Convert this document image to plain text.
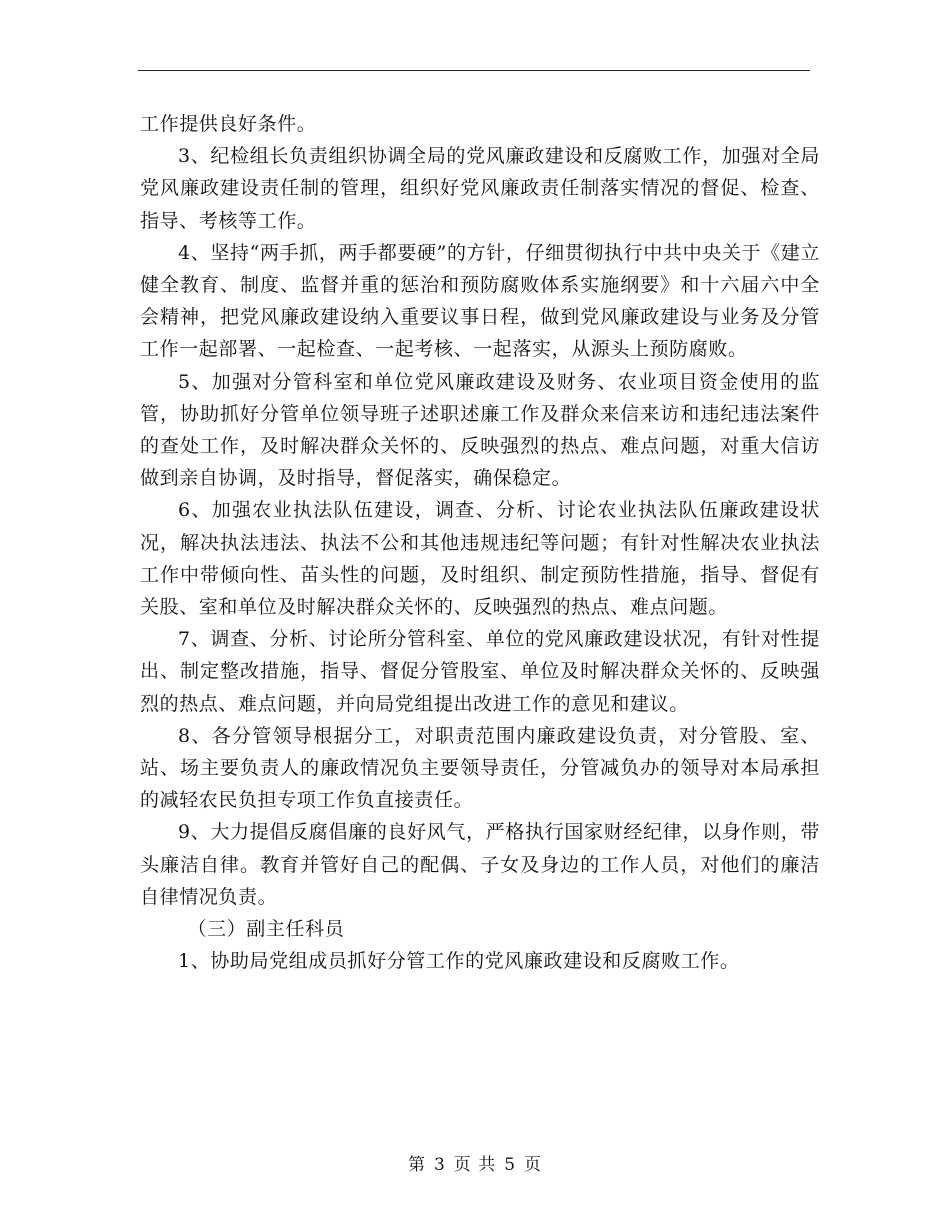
工作提供良好条件。

3、纪检组长负责组织协调全局的党风廉政建设和反腐败工作，加强对全局党风廉政建设责任制的管理，组织好党风廉政责任制落实情况的督促、检查、指导、考核等工作。

4、坚持“两手抓，两手都要硬”的方针，仔细贯彻执行中共中央关于《建立健全教育、制度、监督并重的惩治和预防腐败体系实施纲要》和十六届六中全会精神，把党风廉政建设纳入重要议事日程，做到党风廉政建设与业务及分管工作一起部署、一起检查、一起考核、一起落实，从源头上预防腐败。

5、加强对分管科室和单位党风廉政建设及财务、农业项目资金使用的监管，协助抓好分管单位领导班子述职述廉工作及群众来信来访和违纪违法案件的查处工作，及时解决群众关怀的、反映强烈的热点、难点问题，对重大信访做到亲自协调，及时指导，督促落实，确保稳定。

6、加强农业执法队伍建设，调查、分析、讨论农业执法队伍廉政建设状况，解决执法违法、执法不公和其他违规违纪等问题；有针对性解决农业执法工作中带倾向性、苗头性的问题，及时组织、制定预防性措施，指导、督促有关股、室和单位及时解决群众关怀的、反映强烈的热点、难点问题。

7、调查、分析、讨论所分管科室、单位的党风廉政建设状况，有针对性提出、制定整改措施，指导、督促分管股室、单位及时解决群众关怀的、反映强烈的热点、难点问题，并向局党组提出改进工作的意见和建议。

8、各分管领导根据分工，对职责范围内廉政建设负责，对分管股、室、站、场主要负责人的廉政情况负主要领导责任，分管减负办的领导对本局承担的减轻农民负担专项工作负直接责任。

9、大力提倡反腐倡廉的良好风气，严格执行国家财经纪律，以身作则，带头廉洁自律。教育并管好自己的配偶、子女及身边的工作人员，对他们的廉洁自律情况负责。

（三）副主任科员

1、协助局党组成员抓好分管工作的党风廉政建设和反腐败工作。

第 3 页 共 5 页
